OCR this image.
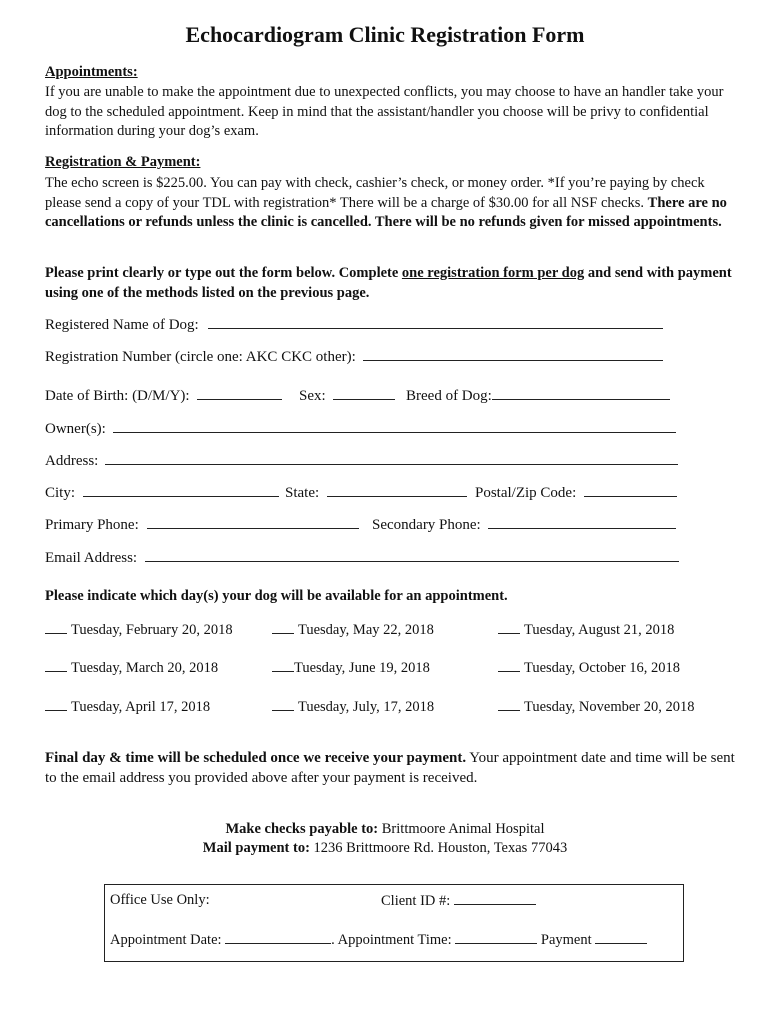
Echocardiogram Clinic Registration Form
Appointments:
If you are unable to make the appointment due to unexpected conflicts, you may choose to have an handler take your dog to the scheduled appointment. Keep in mind that the assistant/handler you choose will be privy to confidential information during your dog’s exam.
Registration & Payment:
The echo screen is $225.00. You can pay with check, cashier’s check, or money order. *If you’re paying by check please send a copy of your TDL with registration* There will be a charge of $30.00 for all NSF checks. There are no cancellations or refunds unless the clinic is cancelled. There will be no refunds given for missed appointments.
Please print clearly or type out the form below. Complete one registration form per dog and send with payment using one of the methods listed on the previous page.
Registered Name of Dog:
Registration Number (circle one: AKC CKC other):
Date of Birth: (D/M/Y):	Sex:	Breed of Dog:
Owner(s):
Address:
City:	State:	Postal/Zip Code:
Primary Phone:	Secondary Phone:
Email Address:
Please indicate which day(s) your dog will be available for an appointment.
Tuesday, February 20, 2018	Tuesday, May 22, 2018	Tuesday, August 21, 2018
Tuesday, March 20, 2018	Tuesday, June 19, 2018	Tuesday, October 16, 2018
Tuesday, April 17, 2018	Tuesday, July, 17, 2018	Tuesday, November 20, 2018
Final day & time will be scheduled once we receive your payment. Your appointment date and time will be sent to the email address you provided above after your payment is received.
Make checks payable to: Brittmoore Animal Hospital
Mail payment to: 1236 Brittmoore Rd. Houston, Texas 77043
Office Use Only:	Client ID #:
Appointment Date:	. Appointment Time:	Payment
